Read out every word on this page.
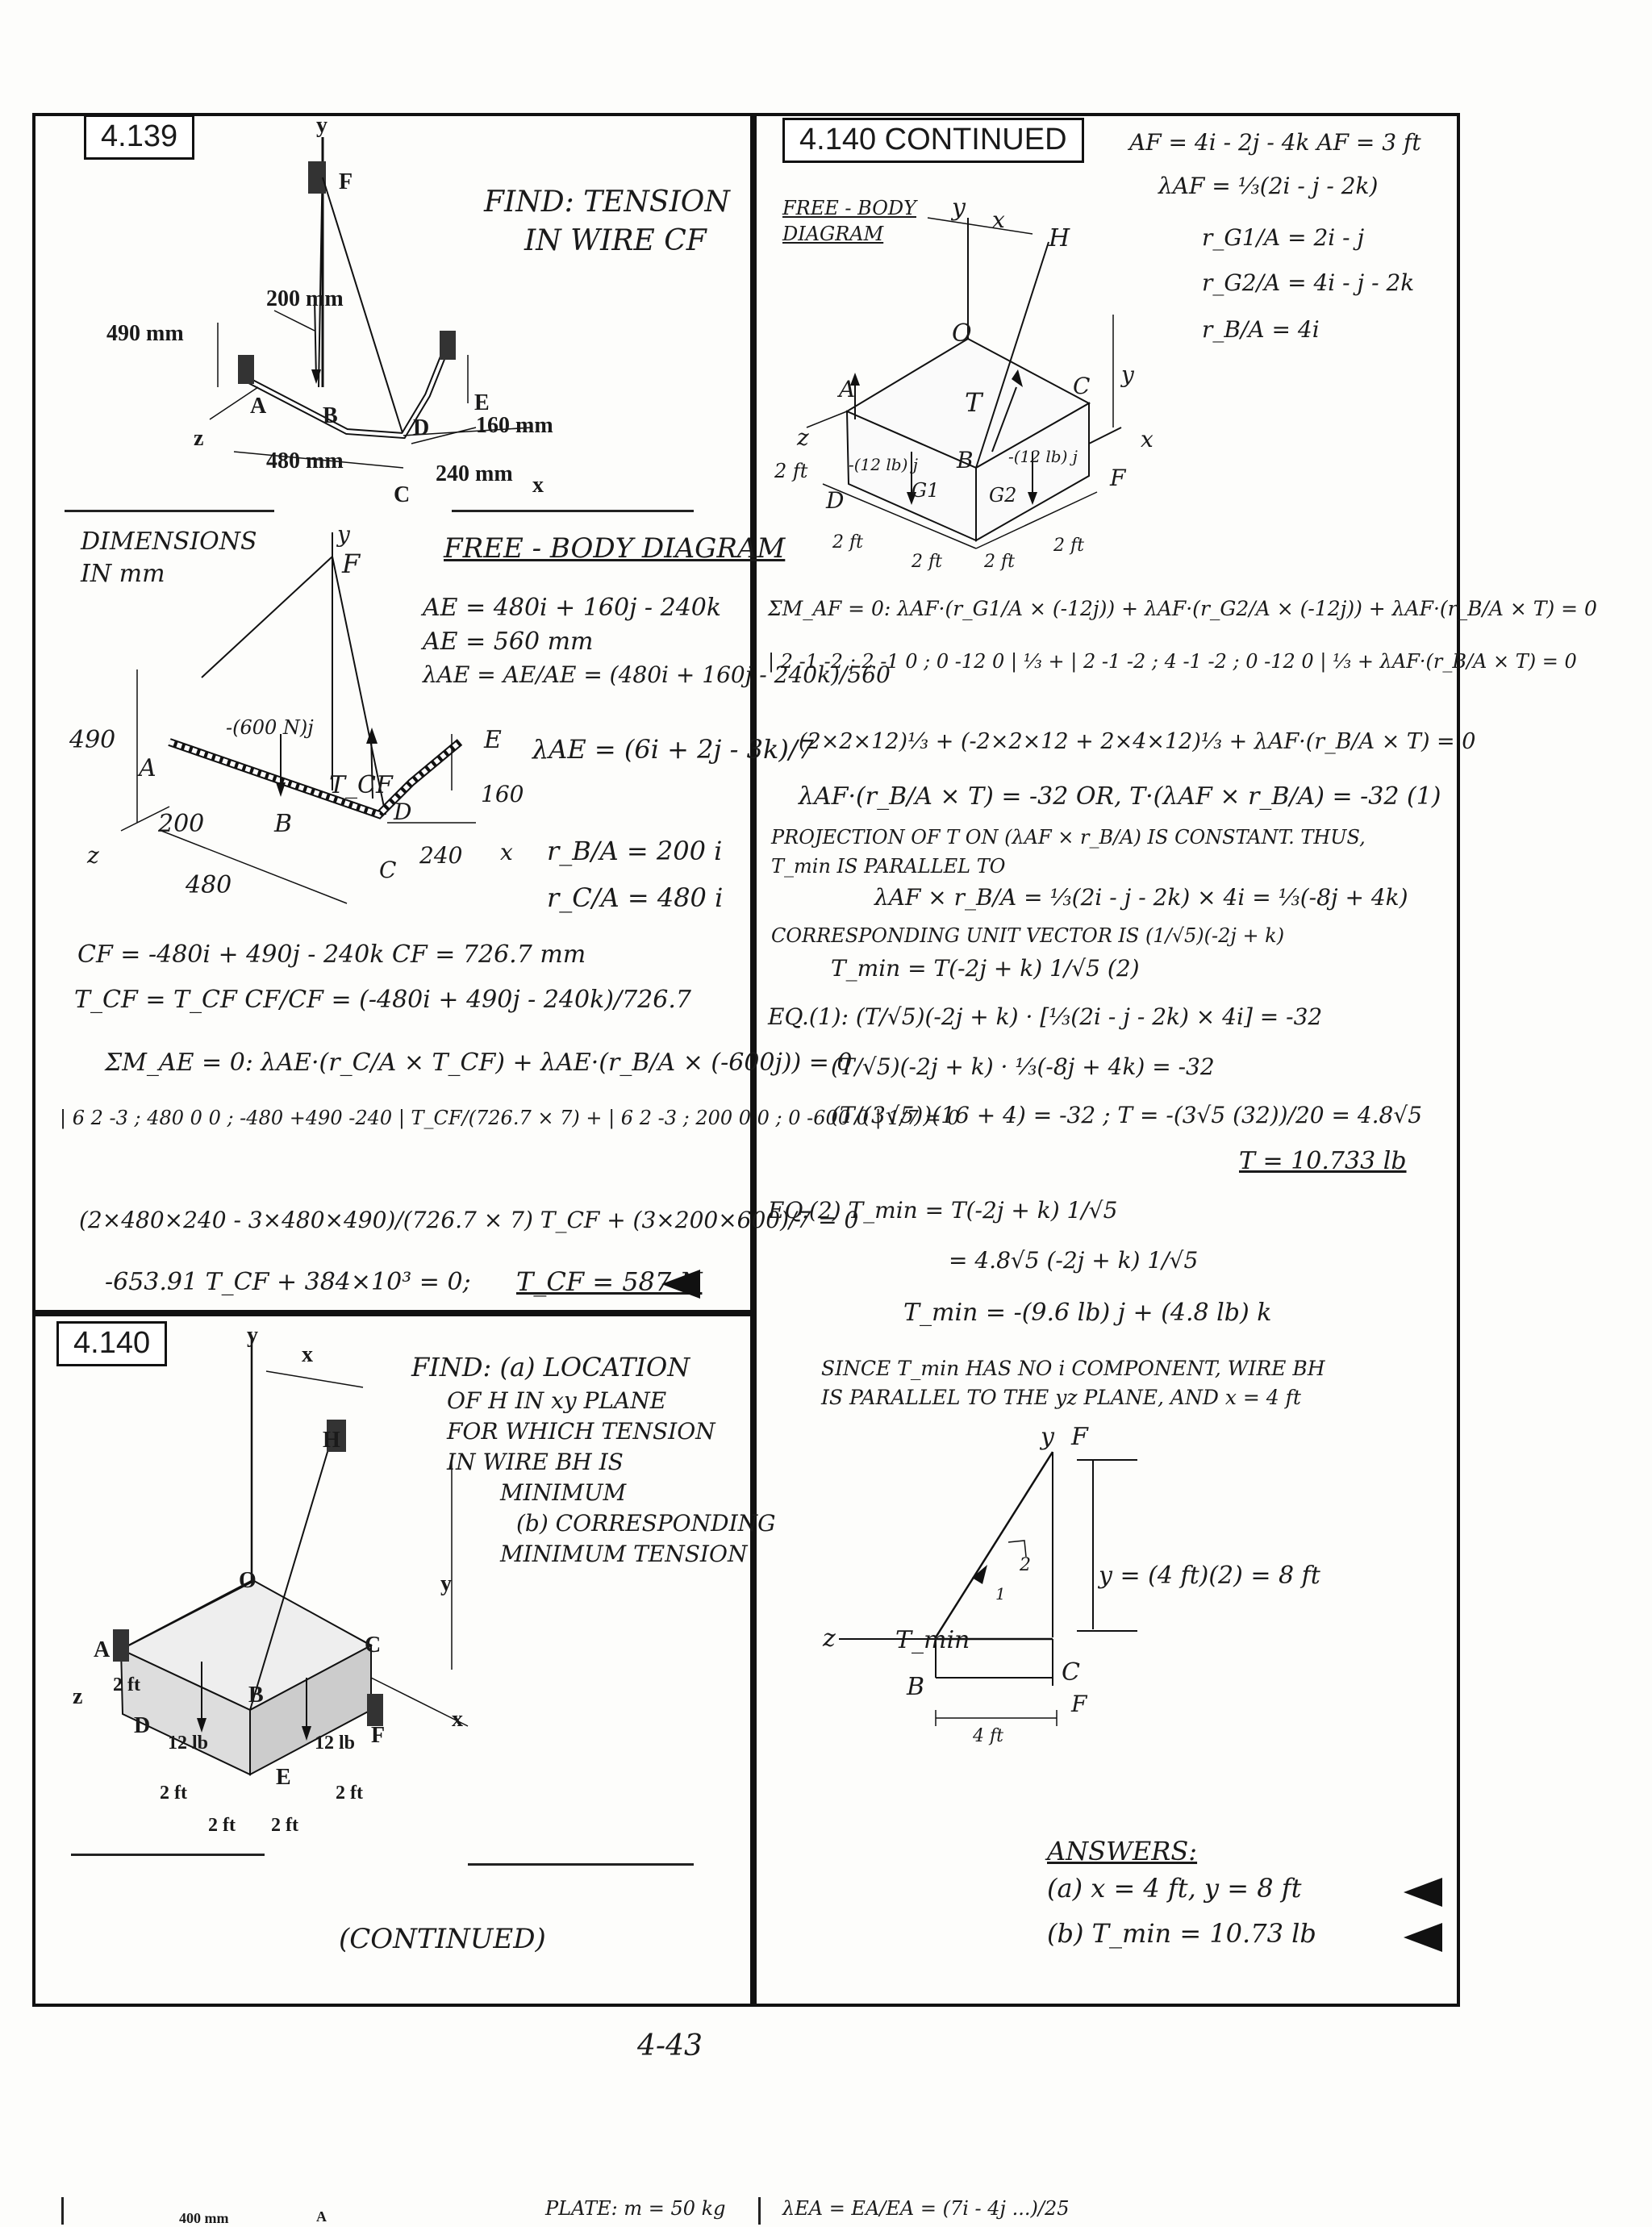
4.139
FIND: TENSION
IN WIRE CF
y
F
200 mm
490 mm
A B	D
E
160 mm
z
480 mm
240 mm x
C
DIMENSIONS
IN mm
FREE - BODY DIAGRAM
y
F
490	-(600 N)j
A
E
T_CF
D
160
200	B
240
C
z	x
480
AE = 480i + 160j - 240k
AE = 560 mm
λAE = AE/AE = (480i + 160j - 240k)/560
λAE = (6i + 2j - 3k)/7
r_B/A = 200 i
r_C/A = 480 i
CF = -480i + 490j - 240k CF = 726.7 mm
T_CF = T_CF CF/CF = (-480i + 490j - 240k)/726.7
ΣM_AE = 0: λAE·(r_C/A × T_CF) + λAE·(r_B/A × (-600j)) = 0
| 6 2 -3 ; 480 0 0 ; -480 +490 -240 | T_CF/(726.7 × 7) + | 6 2 -3 ; 200 0 0 ; 0 -600 0 | 1/7 = 0
(2×480×240 - 3×480×490)/(726.7 × 7) T_CF + (3×200×600)/7 = 0
-653.91 T_CF + 384×10³ = 0; T_CF = 587 N
4.140	y
x
H
O	y
A	C
B
z 2 ft
D	F
x
E
12 lb	12 lb
2 ft	2 ft
2 ft 2 ft
FIND: (a) LOCATION
OF H IN xy PLANE
FOR WHICH TENSION
IN WIRE BH IS
MINIMUM
(b) CORRESPONDING
MINIMUM TENSION
(CONTINUED)
4.140 CONTINUED
FREE - BODY
DIAGRAM
AF = 4i - 2j - 4k AF = 3 ft
λAF = ⅓(2i - j - 2k)
r_G1/A = 2i - j
r_G2/A = 4i - j - 2k
r_B/A = 4i
y x
H
O
C y
x
A	T
z
2 ft	-(12 lb) j B -(12 lb) j
F
G1	G2
D
2 ft	2 ft
2 ft 2 ft
ΣM_AF = 0: λAF·(r_G1/A × (-12j)) + λAF·(r_G2/A × (-12j)) + λAF·(r_B/A × T) = 0
| 2 -1 -2 ; 2 -1 0 ; 0 -12 0 | ⅓ + | 2 -1 -2 ; 4 -1 -2 ; 0 -12 0 | ⅓ + λAF·(r_B/A × T) = 0
(2×2×12)⅓ + (-2×2×12 + 2×4×12)⅓ + λAF·(r_B/A × T) = 0
λAF·(r_B/A × T) = -32 OR, T·(λAF × r_B/A) = -32 (1)
PROJECTION OF T ON (λAF × r_B/A) IS CONSTANT. THUS,
T_min IS PARALLEL TO
λAF × r_B/A = ⅓(2i - j - 2k) × 4i = ⅓(-8j + 4k)
CORRESPONDING UNIT VECTOR IS (1/√5)(-2j + k)
T_min = T(-2j + k) 1/√5 (2)
EQ.(1): (T/√5)(-2j + k) · [⅓(2i - j - 2k) × 4i] = -32
(T/√5)(-2j + k) · ⅓(-8j + 4k) = -32
(T/(3√5))(16 + 4) = -32 ; T = -(3√5 (32))/20 = 4.8√5
T = 10.733 lb
EQ.(2) T_min = T(-2j + k) 1/√5
= 4.8√5 (-2j + k) 1/√5
T_min = -(9.6 lb) j + (4.8 lb) k
SINCE T_min HAS NO i COMPONENT, WIRE BH
IS PARALLEL TO THE yz PLANE, AND x = 4 ft
y F
y = (4 ft)(2) = 8 ft
2
1
T_min
z
B
C
F
4 ft
ANSWERS:
(a) x = 4 ft, y = 8 ft
(b) T_min = 10.73 lb
4-43
PLATE: m = 50 kg	λEA = EA/EA = (7i - 4j ...)/25
400 mm	A
